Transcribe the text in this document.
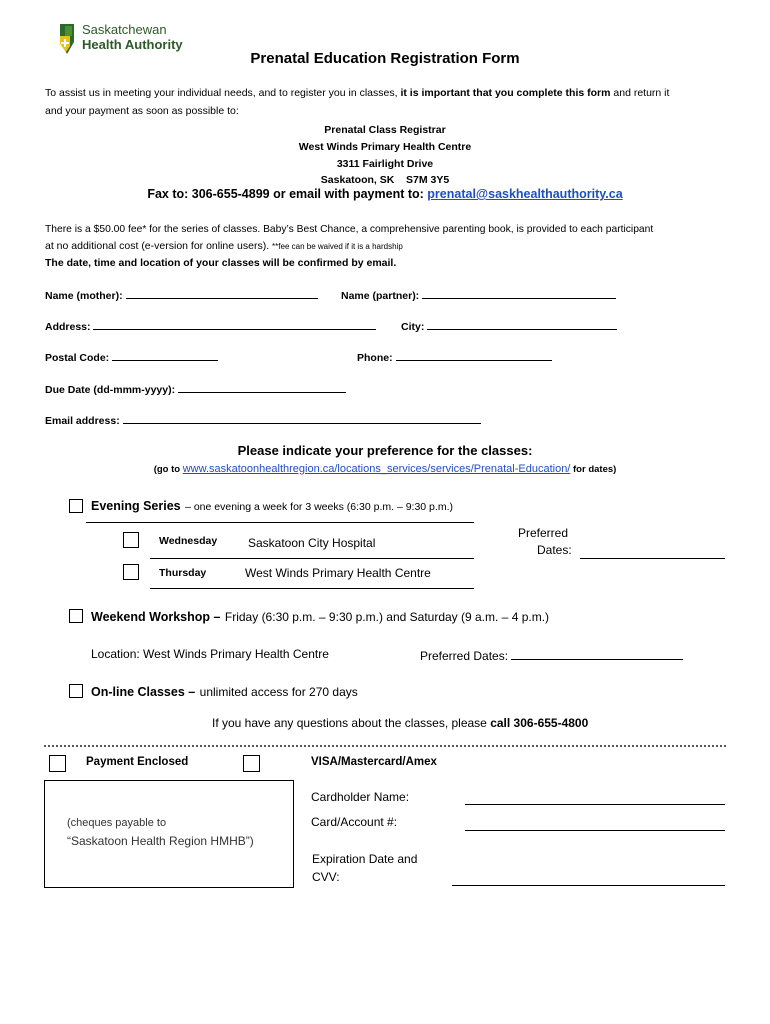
Saskatchewan
Health Authority
Prenatal Education Registration Form
To assist us in meeting your individual needs, and to register you in classes, it is important that you complete this form and return it
and your payment as soon as possible to:
Prenatal Class Registrar
West Winds Primary Health Centre
3311 Fairlight Drive
Saskatoon, SK    S7M 3Y5
Fax to: 306-655-4899 or email with payment to: prenatal@saskhealthauthority.ca
There is a $50.00 fee* for the series of classes. Baby’s Best Chance, a comprehensive parenting book, is provided to each participant
at no additional cost (e-version for online users). **fee can be waived if it is a hardship
The date, time and location of your classes will be confirmed by email.
Name (mother):	Name (partner):
Address:	City:
Postal Code:	Phone:
Due Date (dd-mmm-yyyy):
Email address:
Please indicate your preference for the classes:
(go to www.saskatoonhealthregion.ca/locations_services/services/Prenatal-Education/ for dates)
Evening Series – one evening a week for 3 weeks (6:30 p.m. – 9:30 p.m.)
Wednesday	Saskatoon City Hospital
Thursday	West Winds Primary Health Centre
Preferred
Dates:
Weekend Workshop – Friday (6:30 p.m. – 9:30 p.m.) and Saturday (9 a.m. – 4 p.m.)
Location: West Winds Primary Health Centre	Preferred Dates:
On-line Classes – unlimited access for 270 days
If you have any questions about the classes, please call 306-655-4800
Payment Enclosed	VISA/Mastercard/Amex
(cheques payable to
“Saskatoon Health Region HMHB”)
Cardholder Name:
Card/Account #:
Expiration Date and
CVV:
